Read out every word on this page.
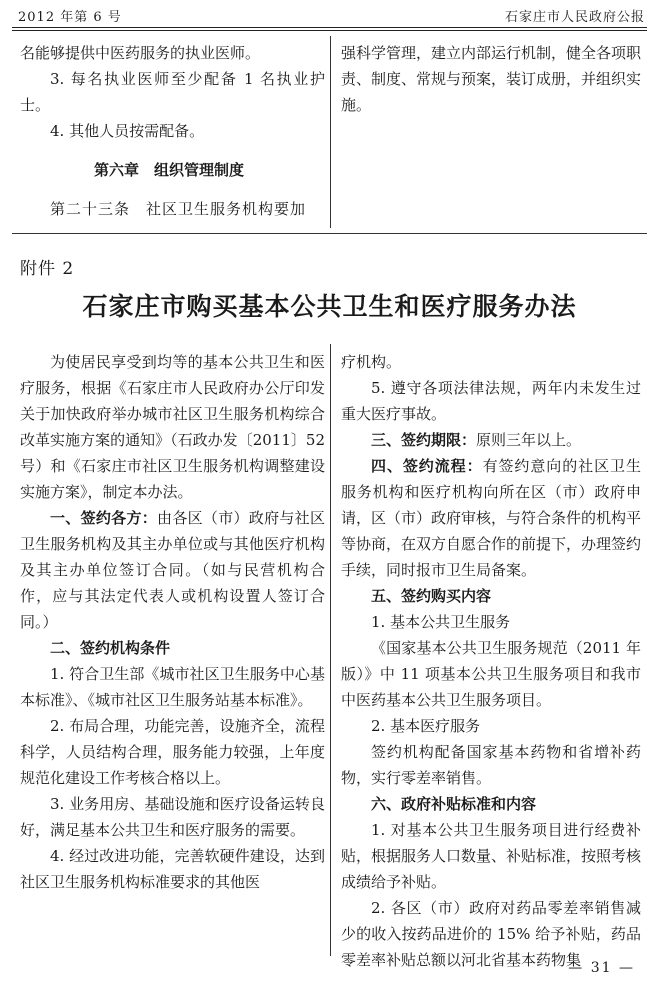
2012 年第 6 号	石家庄市人民政府公报

名能够提供中医药服务的执业医师。

3. 每名执业医师至少配备 1 名执业护士。

4. 其他人员按需配备。

第六章　组织管理制度

第二十三条　社区卫生服务机构要加

强科学管理，建立内部运行机制，健全各项职责、制度、常规与预案，装订成册，并组织实施。

附件 2
石家庄市购买基本公共卫生和医疗服务办法

为使居民享受到均等的基本公共卫生和医疗服务，根据《石家庄市人民政府办公厅印发关于加快政府举办城市社区卫生服务机构综合改革实施方案的通知》（石政办发〔2011〕52 号）和《石家庄市社区卫生服务机构调整建设实施方案》，制定本办法。

一、签约各方：由各区（市）政府与社区卫生服务机构及其主办单位或与其他医疗机构及其主办单位签订合同。（如与民营机构合作，应与其法定代表人或机构设置人签订合同。）

二、签约机构条件

1. 符合卫生部《城市社区卫生服务中心基本标准》、《城市社区卫生服务站基本标准》。

2. 布局合理，功能完善，设施齐全，流程科学，人员结构合理，服务能力较强，上年度规范化建设工作考核合格以上。

3. 业务用房、基础设施和医疗设备运转良好，满足基本公共卫生和医疗服务的需要。

4. 经过改进功能，完善软硬件建设，达到社区卫生服务机构标准要求的其他医

疗机构。

5. 遵守各项法律法规，两年内未发生过重大医疗事故。

三、签约期限：原则三年以上。

四、签约流程：有签约意向的社区卫生服务机构和医疗机构向所在区（市）政府申请，区（市）政府审核，与符合条件的机构平等协商，在双方自愿合作的前提下，办理签约手续，同时报市卫生局备案。

五、签约购买内容

1. 基本公共卫生服务

《国家基本公共卫生服务规范（2011 年版）》中 11 项基本公共卫生服务项目和我市中医药基本公共卫生服务项目。

2. 基本医疗服务

签约机构配备国家基本药物和省增补药物，实行零差率销售。

六、政府补贴标准和内容

1. 对基本公共卫生服务项目进行经费补贴，根据服务人口数量、补贴标准，按照考核成绩给予补贴。

2. 各区（市）政府对药品零差率销售减少的收入按药品进价的 15% 给予补贴，药品零差率补贴总额以河北省基本药物集

— 31 —
